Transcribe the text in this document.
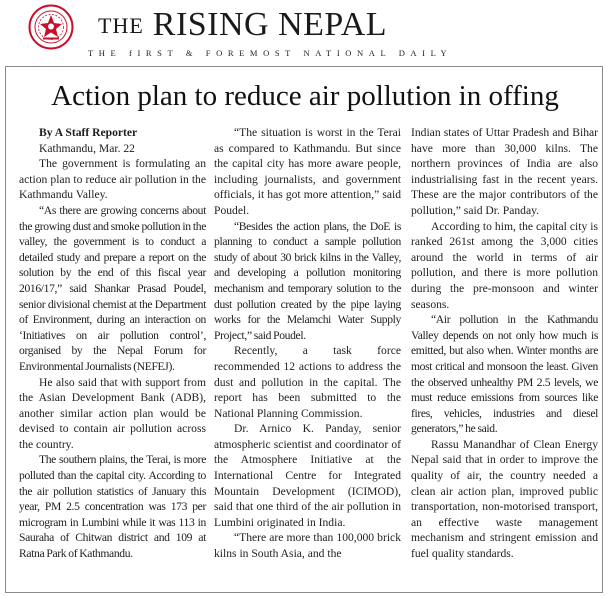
THE RISING NEPAL
THE fIRST & FOREMOST NATIONAL DAILY
Action plan to reduce air pollution in offing

By A Staff Reporter

Kathmandu, Mar. 22

The government is formulating an action plan to reduce air pollution in the Kathmandu Valley.

“As there are growing concerns about the growing dust and smoke pollution in the valley, the government is to conduct a detailed study and prepare a report on the solution by the end of this fiscal year 2016/17,” said Shankar Prasad Poudel, senior divisional chemist at the Department of Environment, during an interaction on ‘Initiatives on air pollution control’, organised by the Nepal Forum for Environmental Journalists (NEFEJ).

He also said that with support from the Asian Development Bank (ADB), another similar action plan would be devised to contain air pollution across the country.

The southern plains, the Terai, is more polluted than the capital city. According to the air pollution statistics of January this year, PM 2.5 concentration was 173 per microgram in Lumbini while it was 113 in Sauraha of Chitwan district and 109 at Ratna Park of Kathmandu.

“The situation is worst in the Terai as compared to Kathmandu. But since the capital city has more aware people, including journalists, and government officials, it has got more attention,” said Poudel.

“Besides the action plans, the DoE is planning to conduct a sample pollution study of about 30 brick kilns in the Valley, and developing a pollution monitoring mechanism and temporary solution to the dust pollution created by the pipe laying works for the Melamchi Water Supply Project,” said Poudel.

Recently, a task force recommended 12 actions to address the dust and pollution in the capital. The report has been submitted to the National Planning Commission.

Dr. Arnico K. Panday, senior atmospheric scientist and coordinator of the Atmosphere Initiative at the International Centre for Integrated Mountain Development (ICIMOD), said that one third of the air pollution in Lumbini originated in India.

“There are more than 100,000 brick kilns in South Asia, and the

Indian states of Uttar Pradesh and Bihar have more than 30,000 kilns. The northern provinces of India are also industrialising fast in the recent years. These are the major contributors of the pollution,” said Dr. Panday.

According to him, the capital city is ranked 261st among the 3,000 cities around the world in terms of air pollution, and there is more pollution during the pre-monsoon and winter seasons.

“Air pollution in the Kathmandu Valley depends on not only how much is emitted, but also when. Winter months are most critical and monsoon the least. Given the observed unhealthy PM 2.5 levels, we must reduce emissions from sources like fires, vehicles, industries and diesel generators,” he said.

Rassu Manandhar of Clean Energy Nepal said that in order to improve the quality of air, the country needed a clean air action plan, improved public transportation, non-motorised transport, an effective waste management mechanism and stringent emission and fuel quality standards.
